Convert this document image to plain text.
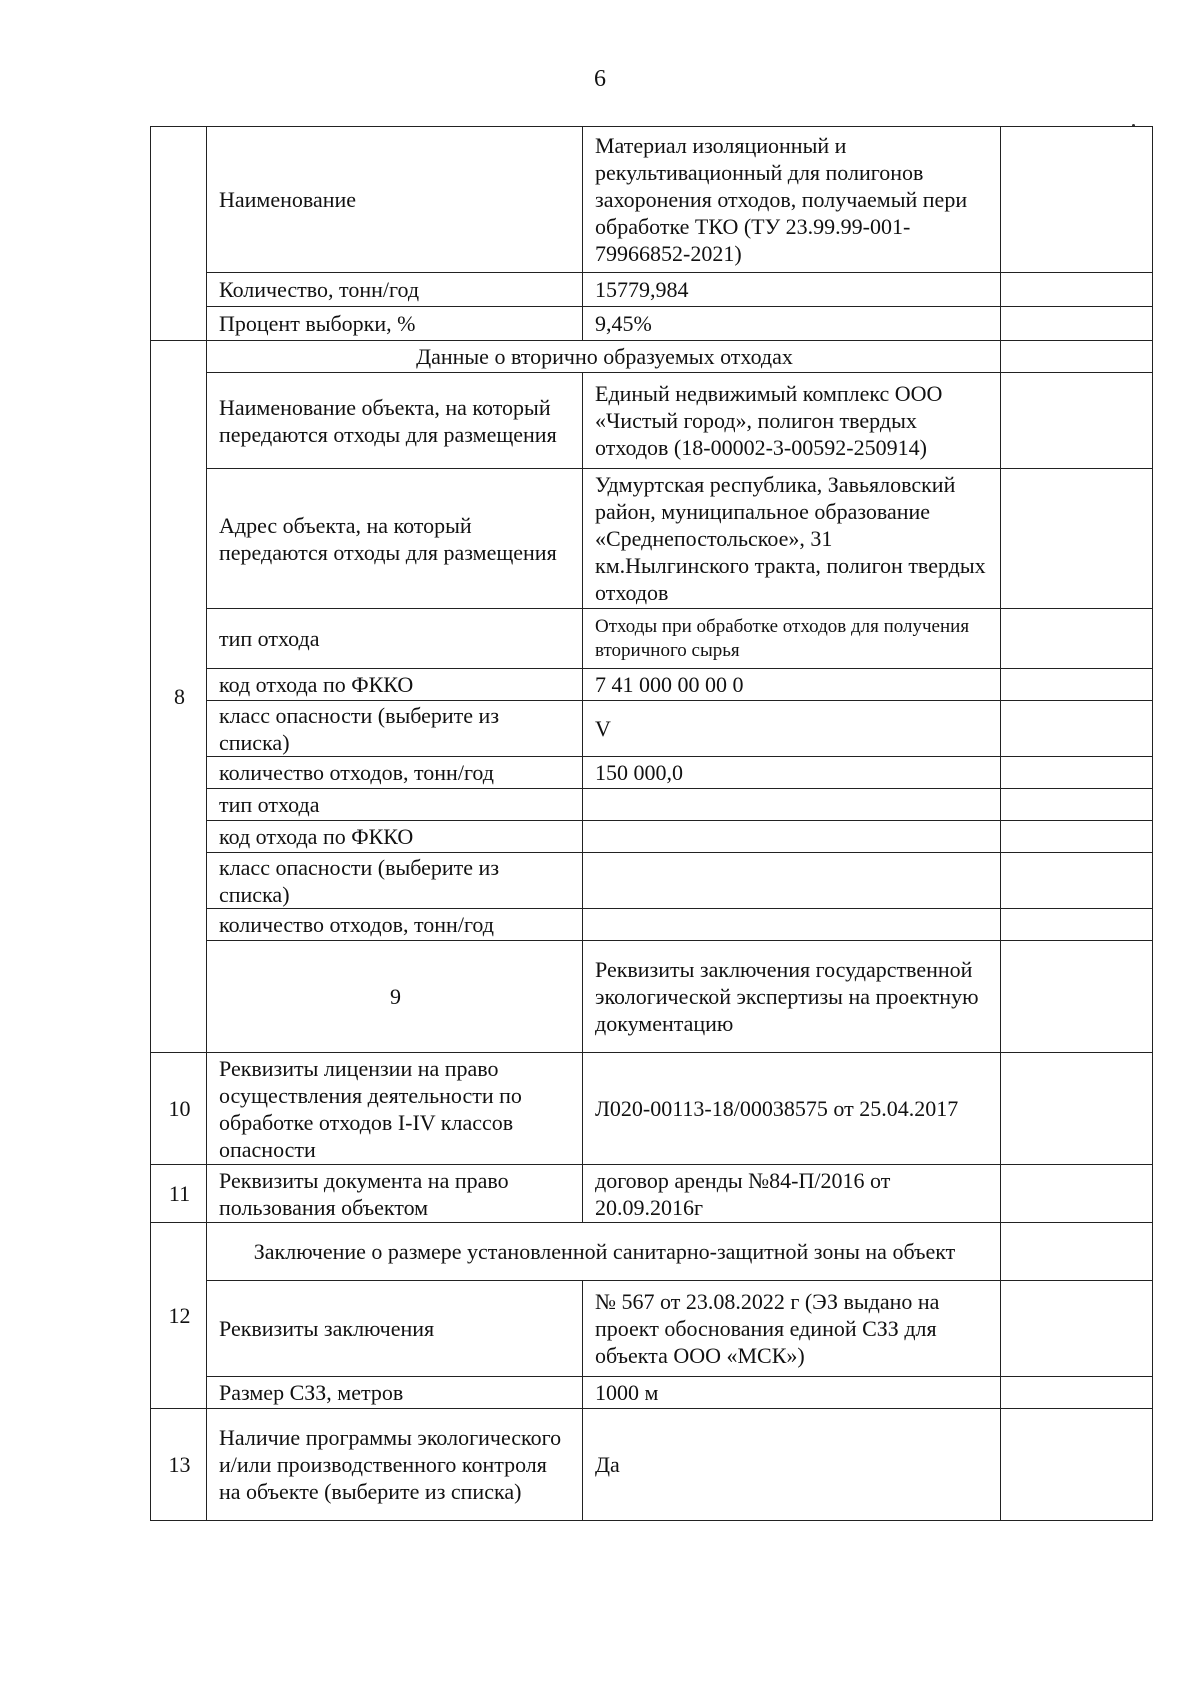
6
	Наименование	Материал изоляционный и рекультивационный для полигонов захоронения отходов, получаемый пери обработке ТКО (ТУ 23.99.99-001-79966852-2021)		
	Количество, тонн/год	15779,984		
	Процент выборки, %	9,45%		
8	Данные о вторично образуемых отходах			
	Наименование объекта, на который передаются отходы для размещения	Единый недвижимый комплекс ООО «Чистый город», полигон твердых отходов (18-00002-3-00592-250914)		
	Адрес объекта, на который передаются отходы для размещения	Удмуртская республика, Завьяловский район, муниципальное образование «Среднепостольское», 31 км.Нылгинского тракта, полигон твердых отходов		
	тип отхода	Отходы при обработке отходов для получения вторичного сырья		
	код отхода по ФККО	7 41 000 00 00 0		
	класс опасности (выберите из списка)	V		
	количество отходов, тонн/год	150 000,0		
	тип отхода			
	код отхода по ФККО			
	класс опасности (выберите из списка)			
	количество отходов, тонн/год			
	9	Реквизиты заключения государственной экологической экспертизы на проектную документацию		
10	Реквизиты лицензии на право осуществления деятельности по обработке отходов I-IV классов опасности	Л020-00113-18/00038575 от 25.04.2017		
11	Реквизиты документа на право пользования объектом	договор аренды №84-П/2016 от 20.09.2016г		
12	Заключение о размере установленной санитарно-защитной зоны на объект			
	Реквизиты заключения	№ 567 от 23.08.2022 г (ЭЗ выдано на проект обоснования единой СЗЗ для объекта ООО «МСК»)		
	Размер СЗЗ, метров	1000 м		
13	Наличие программы экологического и/или производственного контроля на объекте (выберите из списка)	Да		
